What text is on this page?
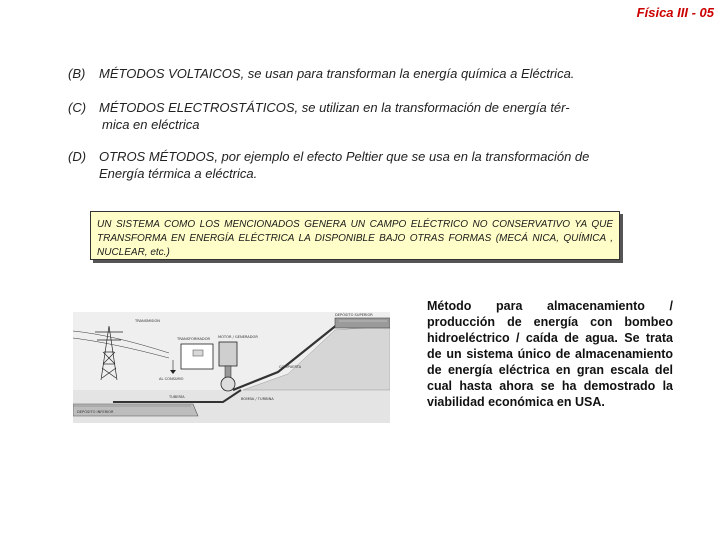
Física III - 05
(B) MÉTODOS VOLTAICOS, se usan para transforman la energía química a Eléctrica.
(C) MÉTODOS ELECTROSTÁTICOS, se utilizan en la transformación de energía tér-
mica en eléctrica
(D) OTROS MÉTODOS, por ejemplo el efecto Peltier que se usa en la transformación de
Energía térmica a eléctrica.
UN SISTEMA COMO LOS MENCIONADOS GENERA UN CAMPO ELÉCTRICO NO CONSERVATIVO YA QUE TRANSFORMA EN ENERGÍA ELÉCTRICA LA DISPONIBLE BAJO OTRAS FORMAS (MECÁ NICA, QUÍMICA , NUCLEAR, etc.)
TRANSMISIÓN
TRANSFORMADOR MOTOR / GENERADOR
AL CONSUMO
DEPÓSITO SUPERIOR
COMPUERTA
BOMBA / TURBINA
TUBERÍA
DEPÓSITO INFERIOR
Método para almacenamiento / producción de energía con bombeo hidroeléctrico / caída de agua. Se trata de un sistema único de almacenamiento de energía eléctrica en gran escala del cual hasta ahora se ha demostrado la viabilidad económica en USA.
